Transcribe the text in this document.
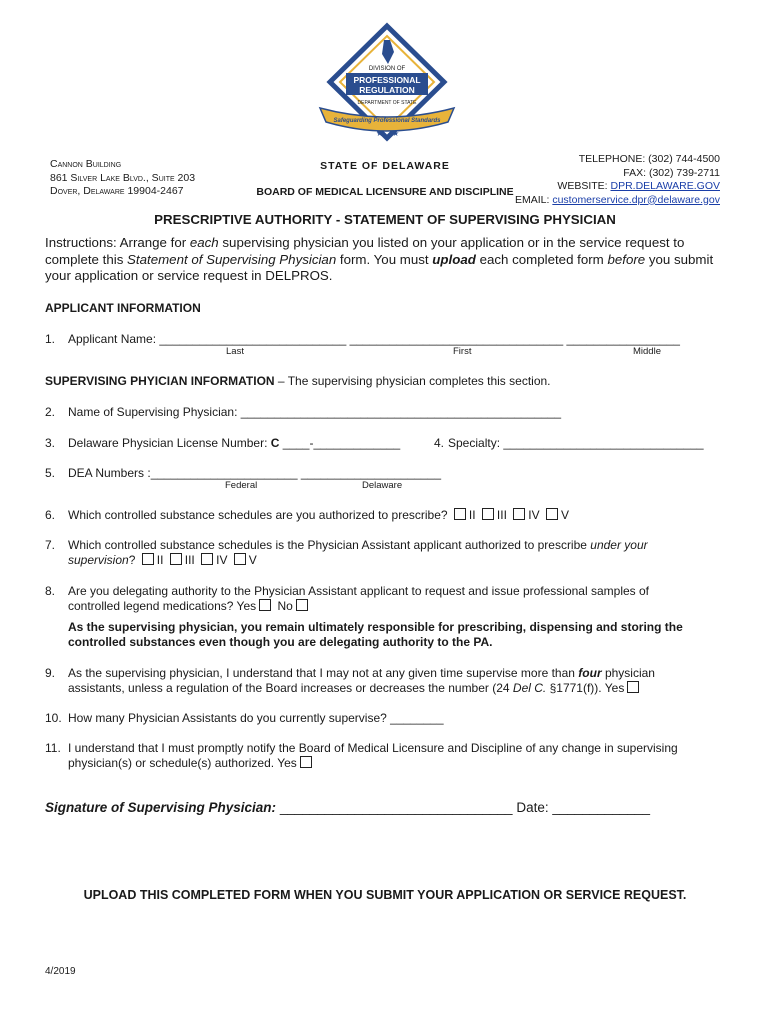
DIVISION OF
PROFESSIONAL
REGULATION
DEPARTMENT OF STATE
Safeguarding Professional Standards
★ ★
Cannon Building
861 Silver Lake Blvd., Suite 203
Dover, Delaware 19904-2467
STATE OF DELAWARE
BOARD OF MEDICAL LICENSURE AND DISCIPLINE
TELEPHONE: (302) 744-4500
FAX: (302) 739-2711
WEBSITE: DPR.DELAWARE.GOV
EMAIL: customerservice.dpr@delaware.gov
PRESCRIPTIVE AUTHORITY - STATEMENT OF SUPERVISING PHYSICIAN
Instructions: Arrange for each supervising physician you listed on your application or in the service request to complete this Statement of Supervising Physician form. You must upload each completed form before you submit your application or service request in DELPROS.
APPLICANT INFORMATION
1. Applicant Name: ____________________________ ________________________________ _________________
Last	First	Middle
SUPERVISING PHYICIAN INFORMATION – The supervising physician completes this section.
2. Name of Supervising Physician: ________________________________________________
3. Delaware Physician License Number: C ____-_____________	4. Specialty: ______________________________
5. DEA Numbers :______________________ _____________________
Federal	Delaware
6. Which controlled substance schedules are you authorized to prescribe? II III IV V
7. Which controlled substance schedules is the Physician Assistant applicant authorized to prescribe under your
supervision? II III IV V
8. Are you delegating authority to the Physician Assistant applicant to request and issue professional samples of
controlled legend medications? Yes No
As the supervising physician, you remain ultimately responsible for prescribing, dispensing and storing the
controlled substances even though you are delegating authority to the PA.
9. As the supervising physician, I understand that I may not at any given time supervise more than four physician
assistants, unless a regulation of the Board increases or decreases the number (24 Del C. §1771(f)). Yes
10. How many Physician Assistants do you currently supervise? ________
11. I understand that I must promptly notify the Board of Medical Licensure and Discipline of any change in supervising
physician(s) or schedule(s) authorized. Yes
Signature of Supervising Physician: _______________________________ Date: _____________
UPLOAD THIS COMPLETED FORM WHEN YOU SUBMIT YOUR APPLICATION OR SERVICE REQUEST.
4/2019
